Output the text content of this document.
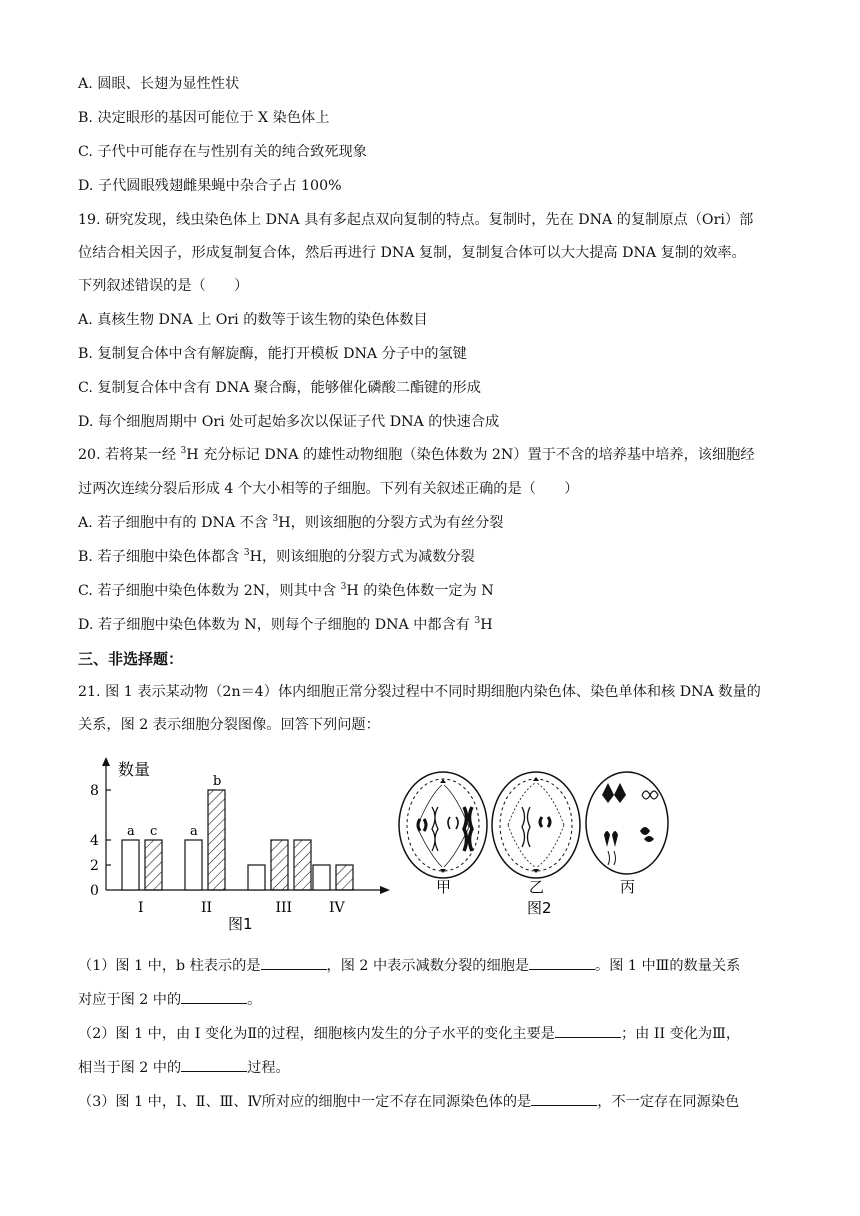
A. 圆眼、长翅为显性性状
B. 决定眼形的基因可能位于 X 染色体上
C. 子代中可能存在与性别有关的纯合致死现象
D. 子代圆眼残翅雌果蝇中杂合子占 100%
19. 研究发现，线虫染色体上 DNA 具有多起点双向复制的特点。复制时，先在 DNA 的复制原点（Ori）部
位结合相关因子，形成复制复合体，然后再进行 DNA 复制，复制复合体可以大大提高 DNA 复制的效率。
下列叙述错误的是（　　）
A. 真核生物 DNA 上 Ori 的数等于该生物的染色体数目
B. 复制复合体中含有解旋酶，能打开模板 DNA 分子中的氢键
C. 复制复合体中含有 DNA 聚合酶，能够催化磷酸二酯键的形成
D. 每个细胞周期中 Ori 处可起始多次以保证子代 DNA 的快速合成
20. 若将某一经 $^3$H 充分标记 DNA 的雄性动物细胞（染色体数为 2N）置于不含的培养基中培养，该细胞经
过两次连续分裂后形成 4 个大小相等的子细胞。下列有关叙述正确的是（　　）
A. 若子细胞中有的 DNA 不含 $^3$H，则该细胞的分裂方式为有丝分裂
B. 若子细胞中染色体都含 $^3$H，则该细胞的分裂方式为减数分裂
C. 若子细胞中染色体数为 2N，则其中含 $^3$H 的染色体数一定为 N
D. 若子细胞中染色体数为 N，则每个子细胞的 DNA 中都含有 $^3$H
三、非选择题：
21. 图 1 表示某动物（2n＝4）体内细胞正常分裂过程中不同时期细胞内染色体、染色单体和核 DNA 数量的
关系，图 2 表示细胞分裂图像。回答下列问题：
数量
0
2
4
8
a c
I
a
b
II	III	IV
图1
甲	乙	丙
图2
（1）图 1 中，b 柱表示的是	，图 2 中表示减数分裂的细胞是	。图 1 中Ⅲ的数量关系
对应于图 2 中的	。
（2）图 1 中，由 I 变化为Ⅱ的过程，细胞核内发生的分子水平的变化主要是	；由 II 变化为Ⅲ，
相当于图 2 中的	过程。
（3）图 1 中，I、Ⅱ、Ⅲ、Ⅳ所对应的细胞中一定不存在同源染色体的是	，不一定存在同源染色
